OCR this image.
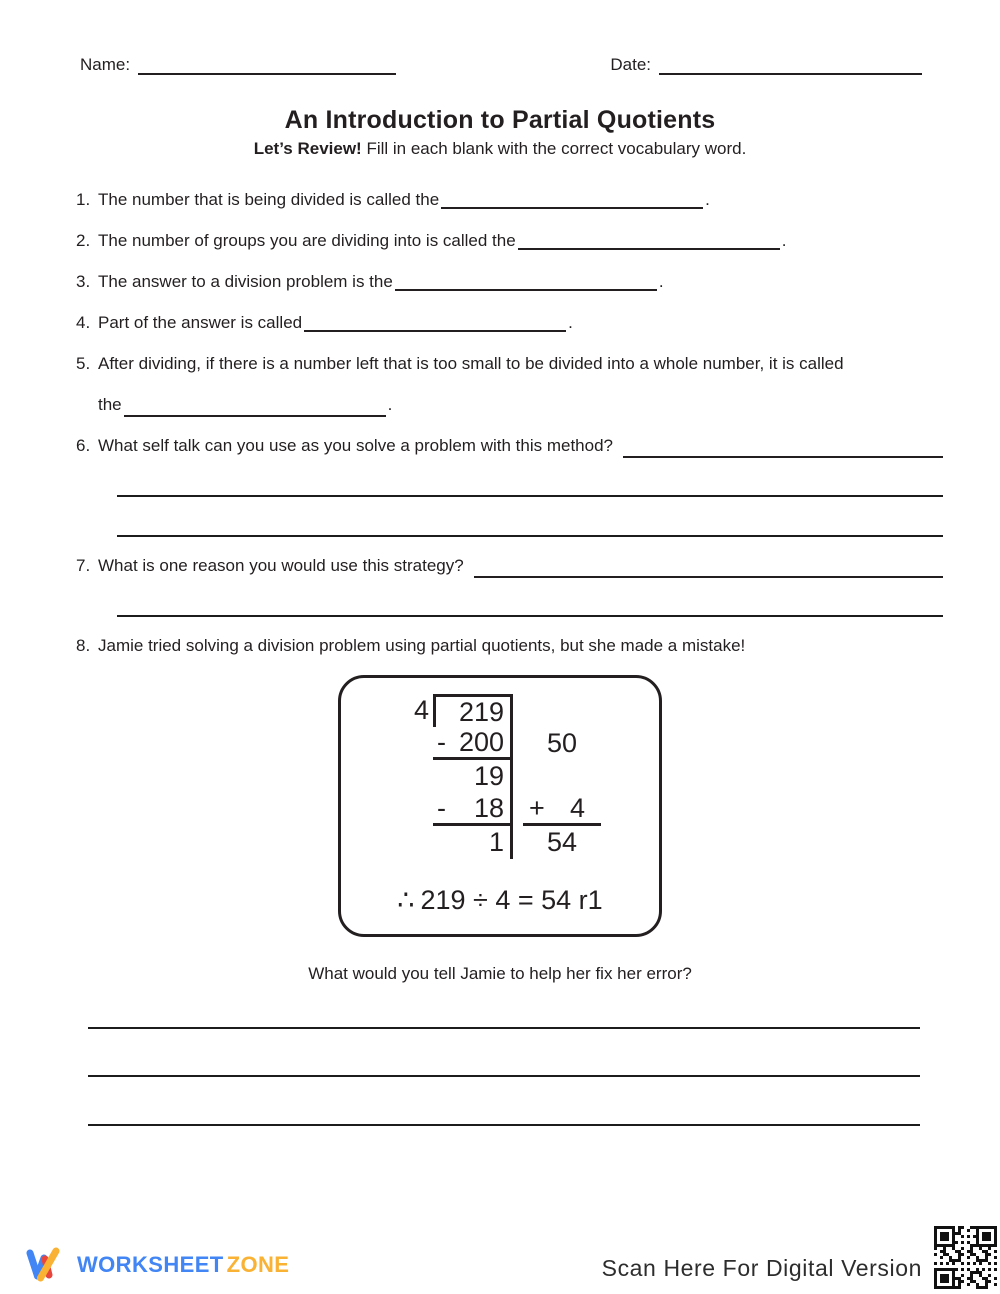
Name:	Date:
An Introduction to Partial Quotients
Let’s Review! Fill in each blank with the correct vocabulary word.
1. The number that is being divided is called the	.
2. The number of groups you are dividing into is called the	.
3. The answer to a division problem is the	.
4. Part of the answer is called	.
5. After dividing, if there is a number left that is too small to be divided into a whole number, it is called
the	.
6. What self talk can you use as you solve a problem with this method?
7. What is one reason you would use this strategy?
8. Jamie tried solving a division problem using partial quotients, but she made a mistake!
4	219
- 200	50
19
- 18 + 4
1	54
∴ 219 ÷ 4 = 54 r1
What would you tell Jamie to help her fix her error?
WORKSHEET ZONE	Scan Here For Digital Version
